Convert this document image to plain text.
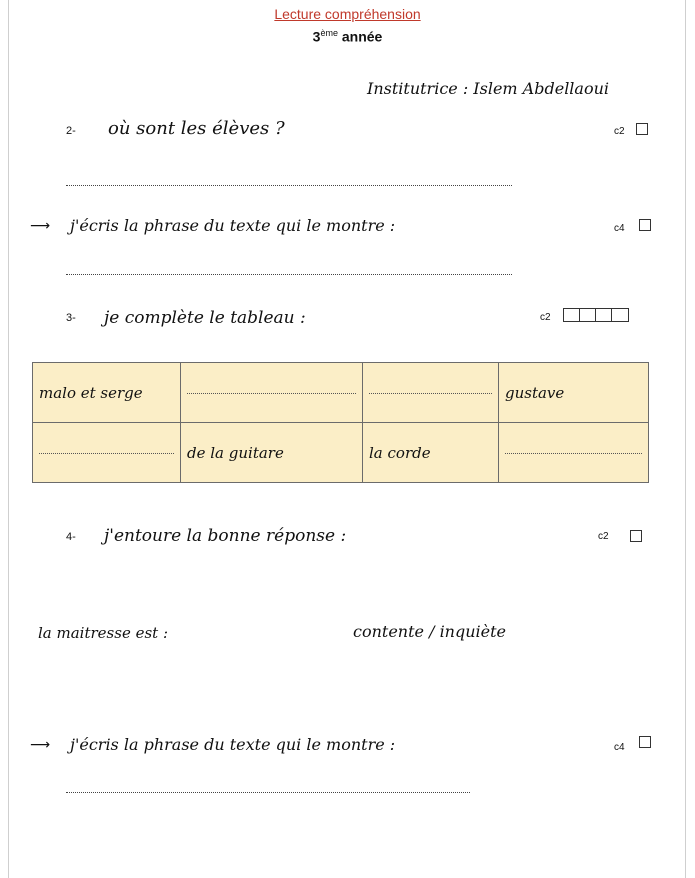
Lecture compréhension
3ème année
Institutrice : Islem Abdellaoui
2- où sont les élèves ?	c2
⟶ j'écris la phrase du texte qui le montre :	c4
3- je complète le tableau :	c2
malo et serge			gustave
	de la guitare	la corde	
4- j'entoure la bonne réponse :	c2
la maitresse est :	contente / inquiète
⟶ j'écris la phrase du texte qui le montre :	c4
